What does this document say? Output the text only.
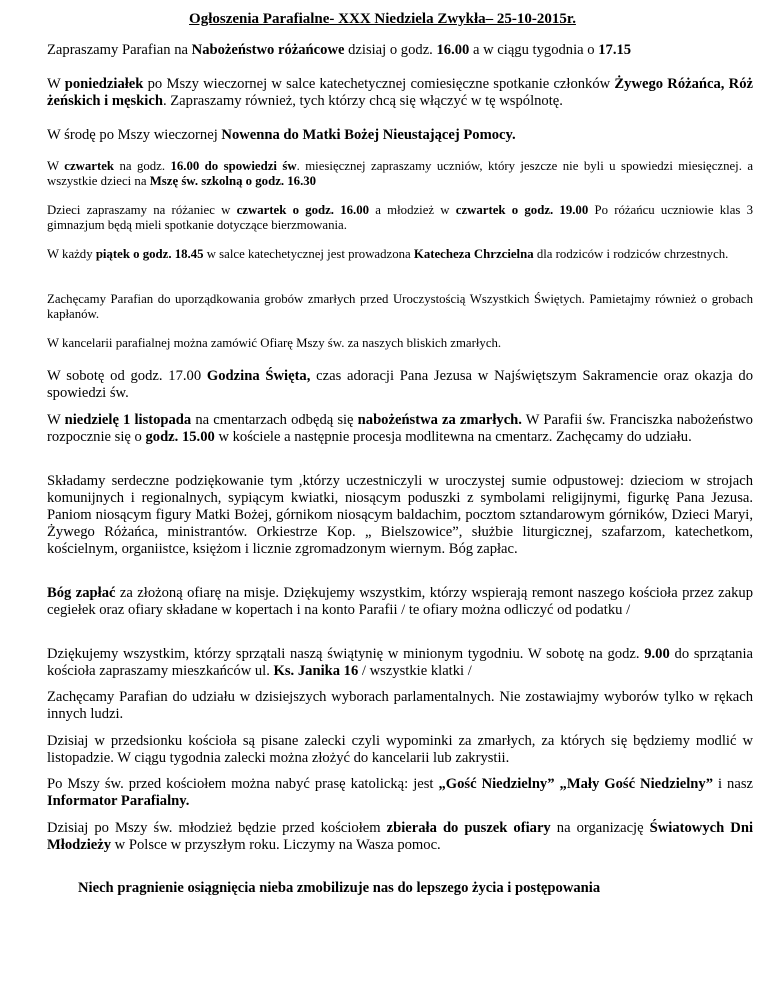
Ogłoszenia Parafialne- XXX Niedziela Zwykła– 25-10-2015r.

Zapraszamy Parafian na Nabożeństwo różańcowe dzisiaj o godz. 16.00 a w ciągu tygodnia o 17.15

W poniedziałek po Mszy wieczornej w salce katechetycznej comiesięczne spotkanie członków Żywego Różańca, Róż żeńskich i męskich. Zapraszamy również, tych którzy chcą się włączyć w tę wspólnotę.

W środę po Mszy wieczornej Nowenna do Matki Bożej Nieustającej Pomocy.

W czwartek na godz. 16.00 do spowiedzi św. miesięcznej zapraszamy uczniów, który jeszcze nie byli u spowiedzi miesięcznej. a wszystkie dzieci na Mszę św. szkolną o godz. 16.30

Dzieci zapraszamy na różaniec w czwartek o godz. 16.00 a młodzież w czwartek o godz. 19.00 Po różańcu uczniowie klas 3 gimnazjum będą mieli spotkanie dotyczące bierzmowania.

W każdy piątek o godz. 18.45 w salce katechetycznej jest prowadzona Katecheza Chrzcielna dla rodziców i rodziców chrzestnych.

Zachęcamy Parafian do uporządkowania grobów zmarłych przed Uroczystością Wszystkich Świętych. Pamietajmy również o grobach kapłanów.

W kancelarii parafialnej można zamówić Ofiarę Mszy św. za naszych bliskich zmarłych.

W sobotę od godz. 17.00 Godzina Święta, czas adoracji Pana Jezusa w Najświętszym Sakramencie oraz okazja do spowiedzi św.

W niedzielę 1 listopada na cmentarzach odbędą się nabożeństwa za zmarłych. W Parafii św. Franciszka nabożeństwo rozpocznie się o godz. 15.00 w kościele a następnie procesja modlitewna na cmentarz. Zachęcamy do udziału.

Składamy serdeczne podziękowanie tym ,którzy uczestniczyli w uroczystej sumie odpustowej: dzieciom w strojach komunijnych i regionalnych, sypiącym kwiatki, niosącym poduszki z symbolami religijnymi, figurkę Pana Jezusa. Paniom niosącym figury Matki Bożej, górnikom niosącym baldachim, pocztom sztandarowym górników, Dzieci Maryi, Żywego Różańca, ministrantów. Orkiestrze Kop. „ Bielszowice”, służbie liturgicznej, szafarzom, katechetkom, kościelnym, organiistce, księżom i licznie zgromadzonym wiernym. Bóg zapłac.

Bóg zapłać za złożoną ofiarę na misje. Dziękujemy wszystkim, którzy wspierają remont naszego kościoła przez zakup cegiełek oraz ofiary składane w kopertach i na konto Parafii / te ofiary można odliczyć od podatku /

Dziękujemy wszystkim, którzy sprzątali naszą świątynię w minionym tygodniu. W sobotę na godz. 9.00 do sprzątania kościoła zapraszamy mieszkańców ul. Ks. Janika 16 / wszystkie klatki /

Zachęcamy Parafian do udziału w dzisiejszych wyborach parlamentalnych. Nie zostawiajmy wyborów tylko w rękach innych ludzi.

Dzisiaj w przedsionku kościoła są pisane zalecki czyli wypominki za zmarłych, za których się będziemy modlić w listopadzie. W ciągu tygodnia zalecki można złożyć do kancelarii lub zakrystii.

Po Mszy św. przed kościołem można nabyć prasę katolicką: jest „Gość Niedzielny” „Mały Gość Niedzielny” i nasz Informator Parafialny.

Dzisiaj po Mszy św. młodzież będzie przed kościołem zbierała do puszek ofiary na organizację Światowych Dni Młodzieży w Polsce w przyszłym roku. Liczymy na Wasza pomoc.

Niech pragnienie osiągnięcia nieba zmobilizuje nas do lepszego życia i postępowania
